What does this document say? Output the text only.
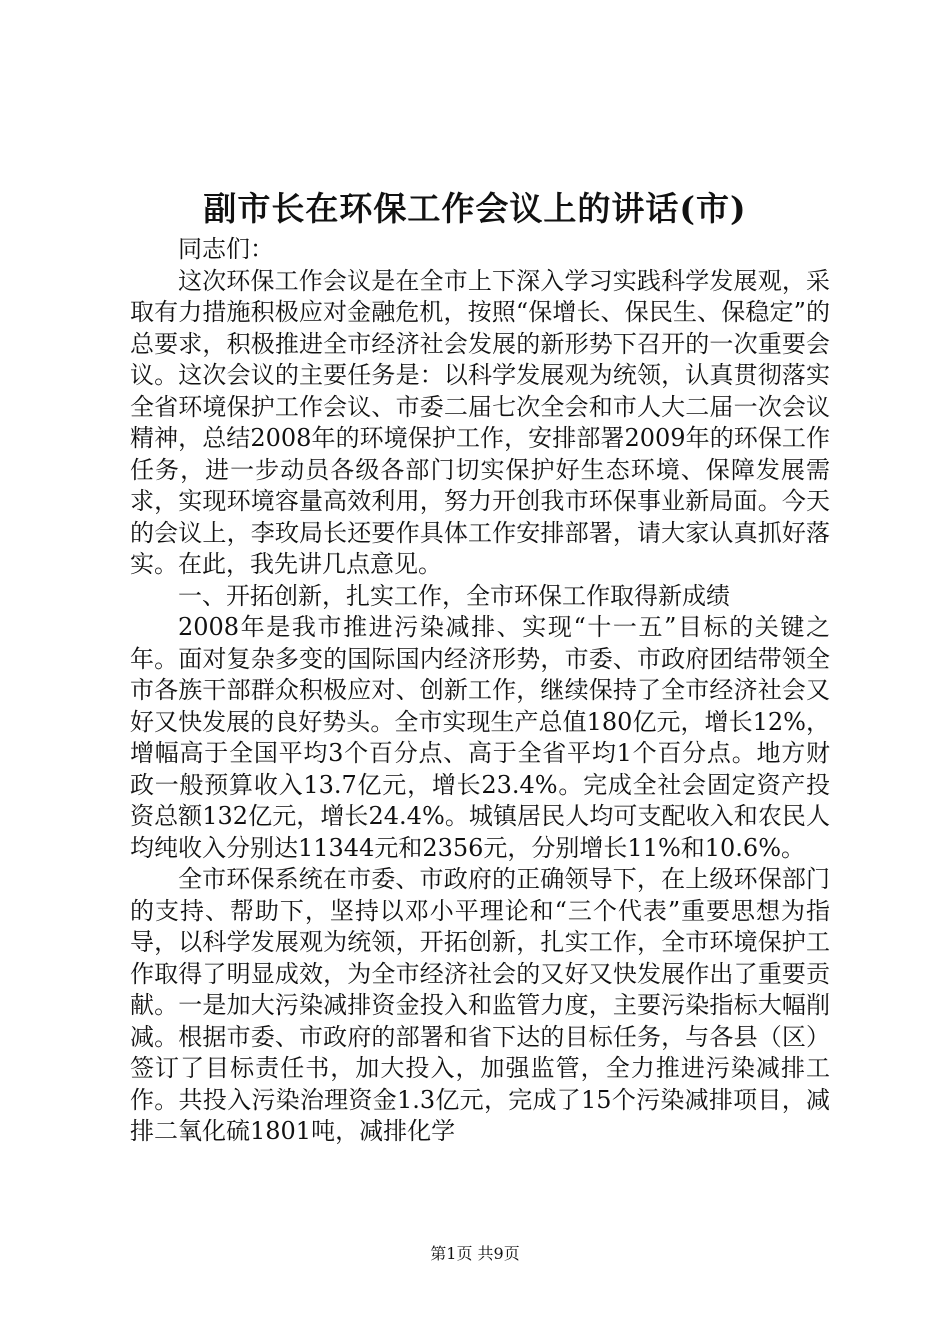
副市长在环保工作会议上的讲话(市)

同志们：

这次环保工作会议是在全市上下深入学习实践科学发展观，采取有力措施积极应对金融危机，按照“保增长、保民生、保稳定”的总要求，积极推进全市经济社会发展的新形势下召开的一次重要会议。这次会议的主要任务是：以科学发展观为统领，认真贯彻落实全省环境保护工作会议、市委二届七次全会和市人大二届一次会议精神，总结2008年的环境保护工作，安排部署2009年的环保工作任务，进一步动员各级各部门切实保护好生态环境、保障发展需求，实现环境容量高效利用，努力开创我市环保事业新局面。今天的会议上，李玫局长还要作具体工作安排部署，请大家认真抓好落实。在此，我先讲几点意见。

一、开拓创新，扎实工作，全市环保工作取得新成绩

2008年是我市推进污染减排、实现“十一五”目标的关键之年。面对复杂多变的国际国内经济形势，市委、市政府团结带领全市各族干部群众积极应对、创新工作，继续保持了全市经济社会又好又快发展的良好势头。全市实现生产总值180亿元，增长12%，增幅高于全国平均3个百分点、高于全省平均1个百分点。地方财政一般预算收入13.7亿元，增长23.4%。完成全社会固定资产投资总额132亿元，增长24.4%。城镇居民人均可支配收入和农民人均纯收入分别达11344元和2356元，分别增长11%和10.6%。

全市环保系统在市委、市政府的正确领导下，在上级环保部门的支持、帮助下，坚持以邓小平理论和“三个代表”重要思想为指导，以科学发展观为统领，开拓创新，扎实工作，全市环境保护工作取得了明显成效，为全市经济社会的又好又快发展作出了重要贡献。一是加大污染减排资金投入和监管力度，主要污染指标大幅削减。根据市委、市政府的部署和省下达的目标任务，与各县（区）签订了目标责任书，加大投入，加强监管，全力推进污染减排工作。共投入污染治理资金1.3亿元，完成了15个污染减排项目，减排二氧化硫1801吨，减排化学

第1页 共9页
